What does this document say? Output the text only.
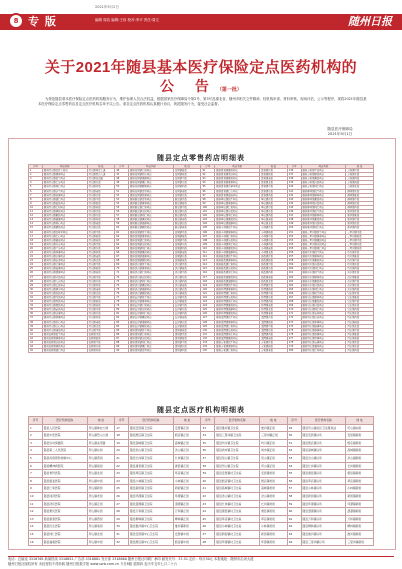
8 专 版
2021年9月2日
编辑 周容 编辑:王伟 校对:李平 责任:周文	随州日报
关于2021年随县基本医疗保险定点医药机构的
公 告（第一批）
为规范随县基本医疗保险定点医药机构服务行为，维护参保人员合法权益，根据国家医疗保障局令第2号、第3号及湖北省、随州市相关文件精神，经机构申请、材料审核、现场评估、公示等程序，现将2021年随县基本医疗保险定点零售药店及定点医疗机构名单予以公告。请各定点医药机构认真履行协议，规范服务行为，接受社会监督。
随县医疗保障局
2021年9月1日
随县定点零售药店明细表
序号	药店名称	地 址	序号	药店名称	地 址	序号	药店名称	地 址	序号	药店名称	地 址
1	随县厉山镇百姓大药房	厉山镇神农大道	46	随县安居镇仁和药店	安居镇新街	91	随县唐县镇惠民药店	唐县镇正街	136	随县万和镇平安药店	万和镇中街
2	随县厉山镇康泰药店	厉山镇烈山大道	47	随县安居镇同心药店	安居镇老街	92	随县唐县镇同济药店	唐县镇新街	137	随县万和镇康民药店	万和镇东街
3	随县厉山镇民生药店	厉山镇炎帝路	48	随县安居镇福康药店	安居镇中街	93	随县唐县镇健民药店	唐县镇南街	138	随县万和镇惠民药店	万和镇西街
4	随县厉山镇仁济药店	厉山镇东街	49	随县安居镇惠仁药店	安居镇东街	94	随县唐县镇康泰药店	唐县镇北街	139	随县万和镇济民药店	万和镇南街
5	随县厉山镇同仁药店	厉山镇西街	50	随县安居镇健康药店	安居镇西街	95	随县唐县镇百草堂药店	唐县镇中街	140	随县万和镇同仁药店	万和镇北街
6	随县厉山镇济生药店	厉山镇南街	51	随县安居镇百姓药店	安居镇南街	96	随县唐县镇仁心药店	唐县镇东街	141	随县柳林镇民生药店	柳林镇正街
7	随县厉山镇安康药店	厉山镇北街	52	随县安居镇民康药店	安居镇北街	97	随县唐县镇福安药店	唐县镇西街	142	随县柳林镇康泰药店	柳林镇新街
8	随县厉山镇德仁药店	厉山镇中街	53	随县殷店镇百姓药店	殷店镇正街	98	随县草店镇民生药店	草店镇正街	143	随县柳林镇惠民药店	柳林镇中街
9	随县厉山镇益民药店	厉山镇新街	54	随县殷店镇康泰药店	殷店镇新街	99	随县草店镇康泰药店	草店镇新街	144	随县柳林镇济民药店	柳林镇东街
10	随县厉山镇仁和药店	厉山镇老街	55	随县殷店镇仁和药店	殷店镇中街	100	随县草店镇仁和药店	草店镇中街	145	随县柳林镇同仁药店	柳林镇西街
11	随县厉山镇康民药店	厉山镇正街	56	随县殷店镇济民药店	殷店镇东街	101	随县草店镇济民药店	草店镇东街	146	随县淮河镇民生药店	淮河镇正街
12	随县厉山镇惠民药店	厉山镇东街	57	随县殷店镇同仁药店	殷店镇西街	102	随县草店镇同仁药店	草店镇西街	147	随县淮河镇康泰药店	淮河镇新街
13	随县厉山镇福康药店	厉山镇西街	58	随县殷店镇惠民药店	殷店镇南街	103	随县草店镇惠民药店	草店镇南街	148	随县淮河镇惠民药店	淮河镇中街
14	随县厉山镇同心药店	厉山镇南街	59	随县殷店镇福康药店	殷店镇北街	104	随县草店镇福康药店	草店镇北街	149	随县淮河镇济民药店	淮河镇东街
15	随县厉山镇健民药店	厉山镇北街	60	随县殷店镇健民药店	殷店镇老街	105	随县小林镇民生药店	小林镇正街	150	随县淮河镇同仁药店	淮河镇西街
16	随县厉山镇百草堂药店	厉山镇中街	61	随县高城镇民生药店	高城镇正街	106	随县小林镇康泰药店	小林镇新街	151	随县三里岗镇民生药店	三里岗镇正街
17	随县厉山镇仁心药店	厉山镇新街	62	随县高城镇康泰药店	高城镇新街	107	随县小林镇仁和药店	小林镇中街	152	随县三里岗镇康泰药店	三里岗镇新街
18	随县厉山镇福安药店	厉山镇老街	63	随县高城镇仁和药店	高城镇中街	108	随县小林镇济民药店	小林镇东街	153	随县三里岗镇惠民药店	三里岗镇中街
19	随县厉山镇天济药店	厉山镇正街	64	随县高城镇济民药店	高城镇东街	109	随县小林镇同仁药店	小林镇西街	154	随县三里岗镇济民药店	三里岗镇东街
20	随县厉山镇广济药店	厉山镇东街	65	随县高城镇同仁药店	高城镇西街	110	随县小林镇惠民药店	小林镇南街	155	随县三里岗镇同仁药店	三里岗镇西街
21	随县厉山镇寿康药店	厉山镇西街	66	随县高城镇惠民药店	高城镇南街	111	随县小林镇福康药店	小林镇北街	156	随县均川镇民生药店	均川镇正街
22	随县厉山镇永康药店	厉山镇南街	67	随县高城镇福康药店	高城镇北街	112	随县新街镇民生药店	新街镇正街	157	随县均川镇康泰药店	均川镇新街
23	随县厉山镇长寿药店	厉山镇北街	68	随县高城镇健民药店	高城镇老街	113	随县新街镇康泰药店	新街镇新街	158	随县均川镇惠民药店	均川镇中街
24	随县厉山镇金康药店	厉山镇中街	69	随县洪山镇民生药店	洪山镇正街	114	随县新街镇仁和药店	新街镇中街	159	随县均川镇济民药店	均川镇东街
25	随县厉山镇益康药店	厉山镇新街	70	随县洪山镇康泰药店	洪山镇新街	115	随县新街镇济民药店	新街镇东街	160	随县均川镇同仁药店	均川镇西街
26	随县厉山镇德康药店	厉山镇老街	71	随县洪山镇仁和药店	洪山镇中街	116	随县新街镇同仁药店	新街镇西街	161	随县尚市镇民生药店	尚市镇正街
27	随县厉山镇全民药店	厉山镇正街	72	随县洪山镇济民药店	洪山镇东街	117	随县新街镇惠民药店	新街镇南街	162	随县尚市镇康泰药店	尚市镇新街
28	随县厉山镇大众药店	厉山镇东街	73	随县洪山镇同仁药店	洪山镇西街	118	随县新街镇福康药店	新街镇北街	163	随县尚市镇惠民药店	尚市镇中街
29	随县厉山镇爱民药店	厉山镇西街	74	随县洪山镇惠民药店	洪山镇南街	119	随县环潭镇民生药店	环潭镇正街	164	随县尚市镇济民药店	尚市镇东街
30	随县厉山镇康宁药店	厉山镇南街	75	随县洪山镇福康药店	洪山镇北街	120	随县环潭镇康泰药店	环潭镇新街	165	随县尚市镇同仁药店	尚市镇西街
31	随县厉山镇安民药店	厉山镇北街	76	随县洪山镇健民药店	洪山镇老街	121	随县环潭镇仁和药店	环潭镇中街	166	随县吴山镇民生药店	吴山镇正街
32	随县厉山镇为民药店	厉山镇中街	77	随县长岗镇民生药店	长岗镇正街	122	随县环潭镇济民药店	环潭镇东街	167	随县吴山镇康泰药店	吴山镇新街
33	随县厉山镇利民药店	厉山镇新街	78	随县长岗镇康泰药店	长岗镇新街	123	随县环潭镇同仁药店	环潭镇西街	168	随县吴山镇惠民药店	吴山镇中街
34	随县厉山镇便民药店	厉山镇老街	79	随县长岗镇仁和药店	长岗镇中街	124	随县环潭镇惠民药店	环潭镇南街	169	随县吴山镇济民药店	吴山镇东街
35	随县厉山镇亲民药店	厉山镇正街	80	随县长岗镇济民药店	长岗镇东街	125	随县环潭镇福康药店	环潭镇北街	170	随县吴山镇同仁药店	吴山镇西街
36	随县厉山镇众康药店	厉山镇东街	81	随县长岗镇同仁药店	长岗镇西街	126	随县环潭镇健民药店	环潭镇老街	171	随县厉山镇杏林药店	厉山镇东街
37	随县厉山镇润康药店	厉山镇西街	82	随县长岗镇惠民药店	长岗镇南街	127	随县澴潭镇民生药店	澴潭镇正街	172	随县厉山镇济世药店	厉山镇西街
38	随县厉山镇好心药店	厉山镇南街	83	随县长岗镇福康药店	长岗镇北街	128	随县澴潭镇康泰药店	澴潭镇新街	173	随县厉山镇华康药店	厉山镇南街
39	随县厉山镇良心药店	厉山镇北街	84	随县长岗镇健民药店	长岗镇老街	129	随县澴潭镇仁和药店	澴潭镇中街	174	随县厉山镇瑞康药店	厉山镇北街
40	随县厉山镇诚信药店	厉山镇中街	85	随县唐县镇民生药店	唐县镇老街	130	随县澴潭镇济民药店	澴潭镇东街	175	随县厉山镇泰康药店	厉山镇中街
41	随县安居镇民生药店	安居镇正街	86	随县唐县镇仁和药店	唐县镇正街	131	随县澴潭镇同仁药店	澴潭镇西街	176	随县厉山镇保康药店	厉山镇新街
42	随县安居镇康泰药店	安居镇新街	87	随县唐县镇济民药店	唐县镇新街	132	随县澴潭镇惠民药店	澴潭镇南街	177	随县厉山镇恒康药店	厉山镇老街
43	随县安居镇济民药店	安居镇中街	88	随县唐县镇同仁药店	唐县镇中街	133	随县万和镇民生药店	万和镇正街	178	随县厉山镇吉康药店	厉山镇正街
44	随县安居镇康民药店	安居镇东街	89	随县唐县镇惠仁药店	唐县镇东街	134	随县万和镇康泰药店	万和镇新街	179	随县厉山镇福寿药店	厉山镇东街
45	随县安居镇德仁药店	安居镇西街	90	随县唐县镇百姓药店	唐县镇西街	135	随县万和镇仁和药店	万和镇老街	180	随县厉山镇仁寿药店	厉山镇西街
随县定点医疗机构明细表
序号	医疗机构名称	地 址	序号	医疗机构名称	地 址	序号	医疗机构名称	地 址	序号	医疗机构名称	地 址
1	随县人民医院	厉山镇神农大道	17	随县安居镇卫生院	安居镇正街	33	随县淮河镇卫生院	淮河镇正街	49	随县厉山镇社区卫生服务站	厉山镇东街
2	随县中医医院	厉山镇烈山大道	18	随县殷店镇卫生院	殷店镇正街	34	随县三里岗镇卫生院	三里岗镇正街	50	随县安居镇诊所	安居镇新街
3	随县妇幼保健院	厉山镇炎帝路	19	随县高城镇卫生院	高城镇正街	35	随县均川镇卫生院	均川镇正街	51	随县殷店镇诊所	殷店镇新街
4	随县第二人民医院	厉山镇东街	20	随县洪山镇卫生院	洪山镇正街	36	随县尚市镇卫生院	尚市镇正街	52	随县高城镇诊所	高城镇新街
5	随县疾病预防控制中心	厉山镇西街	21	随县长岗镇卫生院	长岗镇正街	37	随县吴山镇卫生院	吴山镇正街	53	随县洪山镇诊所	洪山镇新街
6	随县精神病医院	厉山镇南街	22	随县唐县镇卫生院	唐县镇正街	38	随县厉山镇卫生院	厉山镇正街	54	随县长岗镇诊所	长岗镇新街
7	随县骨科医院	厉山镇北街	23	随县草店镇卫生院	草店镇正街	39	随县安居镇村卫生室	安居镇老街	55	随县唐县镇诊所	唐县镇新街
8	随县康复医院	厉山镇中街	24	随县小林镇卫生院	小林镇正街	40	随县殷店镇村卫生室	殷店镇老街	56	随县草店镇诊所	草店镇新街
9	随县仁和医院	厉山镇新街	25	随县新街镇卫生院	新街镇正街	41	随县高城镇村卫生室	高城镇老街	57	随县小林镇诊所	小林镇新街
10	随县同济医院	厉山镇老街	26	随县环潭镇卫生院	环潭镇正街	42	随县洪山镇村卫生室	洪山镇老街	58	随县新街镇诊所	新街镇新街
11	随县济民医院	厉山镇正街	27	随县澴潭镇卫生院	澴潭镇正街	43	随县长岗镇村卫生室	长岗镇老街	59	随县环潭镇诊所	环潭镇新街
12	随县惠民医院	厉山镇东街	28	随县万和镇卫生院	万和镇正街	44	随县唐县镇村卫生室	唐县镇老街	60	随县澴潭镇诊所	澴潭镇新街
13	随县康泰医院	厉山镇西街	29	随县柳林镇卫生院	柳林镇正街	45	随县草店镇村卫生室	草店镇老街	61	随县万和镇诊所	万和镇新街
14	随县民生医院	厉山镇南街	30	随县淮河镇中心卫生院	淮河镇新街	46	随县小林镇村卫生室	小林镇老街	62	随县柳林镇诊所	柳林镇新街
15	随县同仁医院	厉山镇北街	31	随县安居镇中心卫生院	安居镇中街	47	随县新街镇村卫生室	新街镇老街	63	随县淮河镇诊所	淮河镇新街
16	随县福康医院	厉山镇中街	32	随县殷店镇中心卫生院	殷店镇中街	48	随县环潭镇村卫生室	环潭镇老街	64	随县三里岗镇诊所	三里岗镇新街
电话：总编室 3318765 新闻热线 3318852 广告部 3318881 发行部 3318860 随州日报社印刷厂承印 邮发代号：37-51 定价：每月30元 本报地址：随州市沿河大道
随州日报社版权所有 未经授权不得转载 随州日报数字报 www.szrb.com.cn 今日8版 星期四 农历辛丑年七月二十六
